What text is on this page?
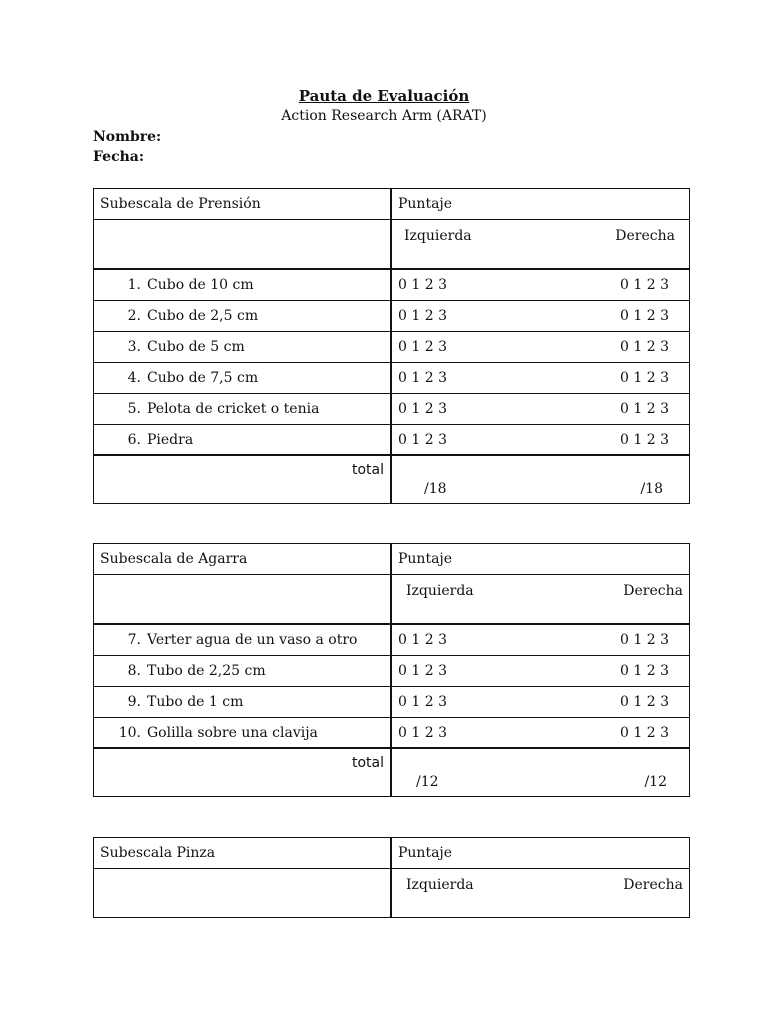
Pauta de Evaluación
Action Research Arm (ARAT)
Nombre:
Fecha:
Subescala de Prensión	Puntaje

	Izquierda Derecha

1. Cubo de 10 cm	0 1 2 3 0 1 2 3

2. Cubo de 2,5 cm	0 1 2 3 0 1 2 3

3. Cubo de 5 cm	0 1 2 3 0 1 2 3

4. Cubo de 7,5 cm	0 1 2 3 0 1 2 3

5. Pelota de cricket o tenia	0 1 2 3 0 1 2 3

6. Piedra	0 1 2 3 0 1 2 3

total	/18 /18
Subescala de Agarra	Puntaje

	Izquierda Derecha

7. Verter agua de un vaso a otro	0 1 2 3 0 1 2 3

8. Tubo de 2,25 cm	0 1 2 3 0 1 2 3

9. Tubo de 1 cm	0 1 2 3 0 1 2 3

10. Golilla sobre una clavija	0 1 2 3 0 1 2 3

total	/12 /12
Subescala Pinza	Puntaje

	Izquierda Derecha
